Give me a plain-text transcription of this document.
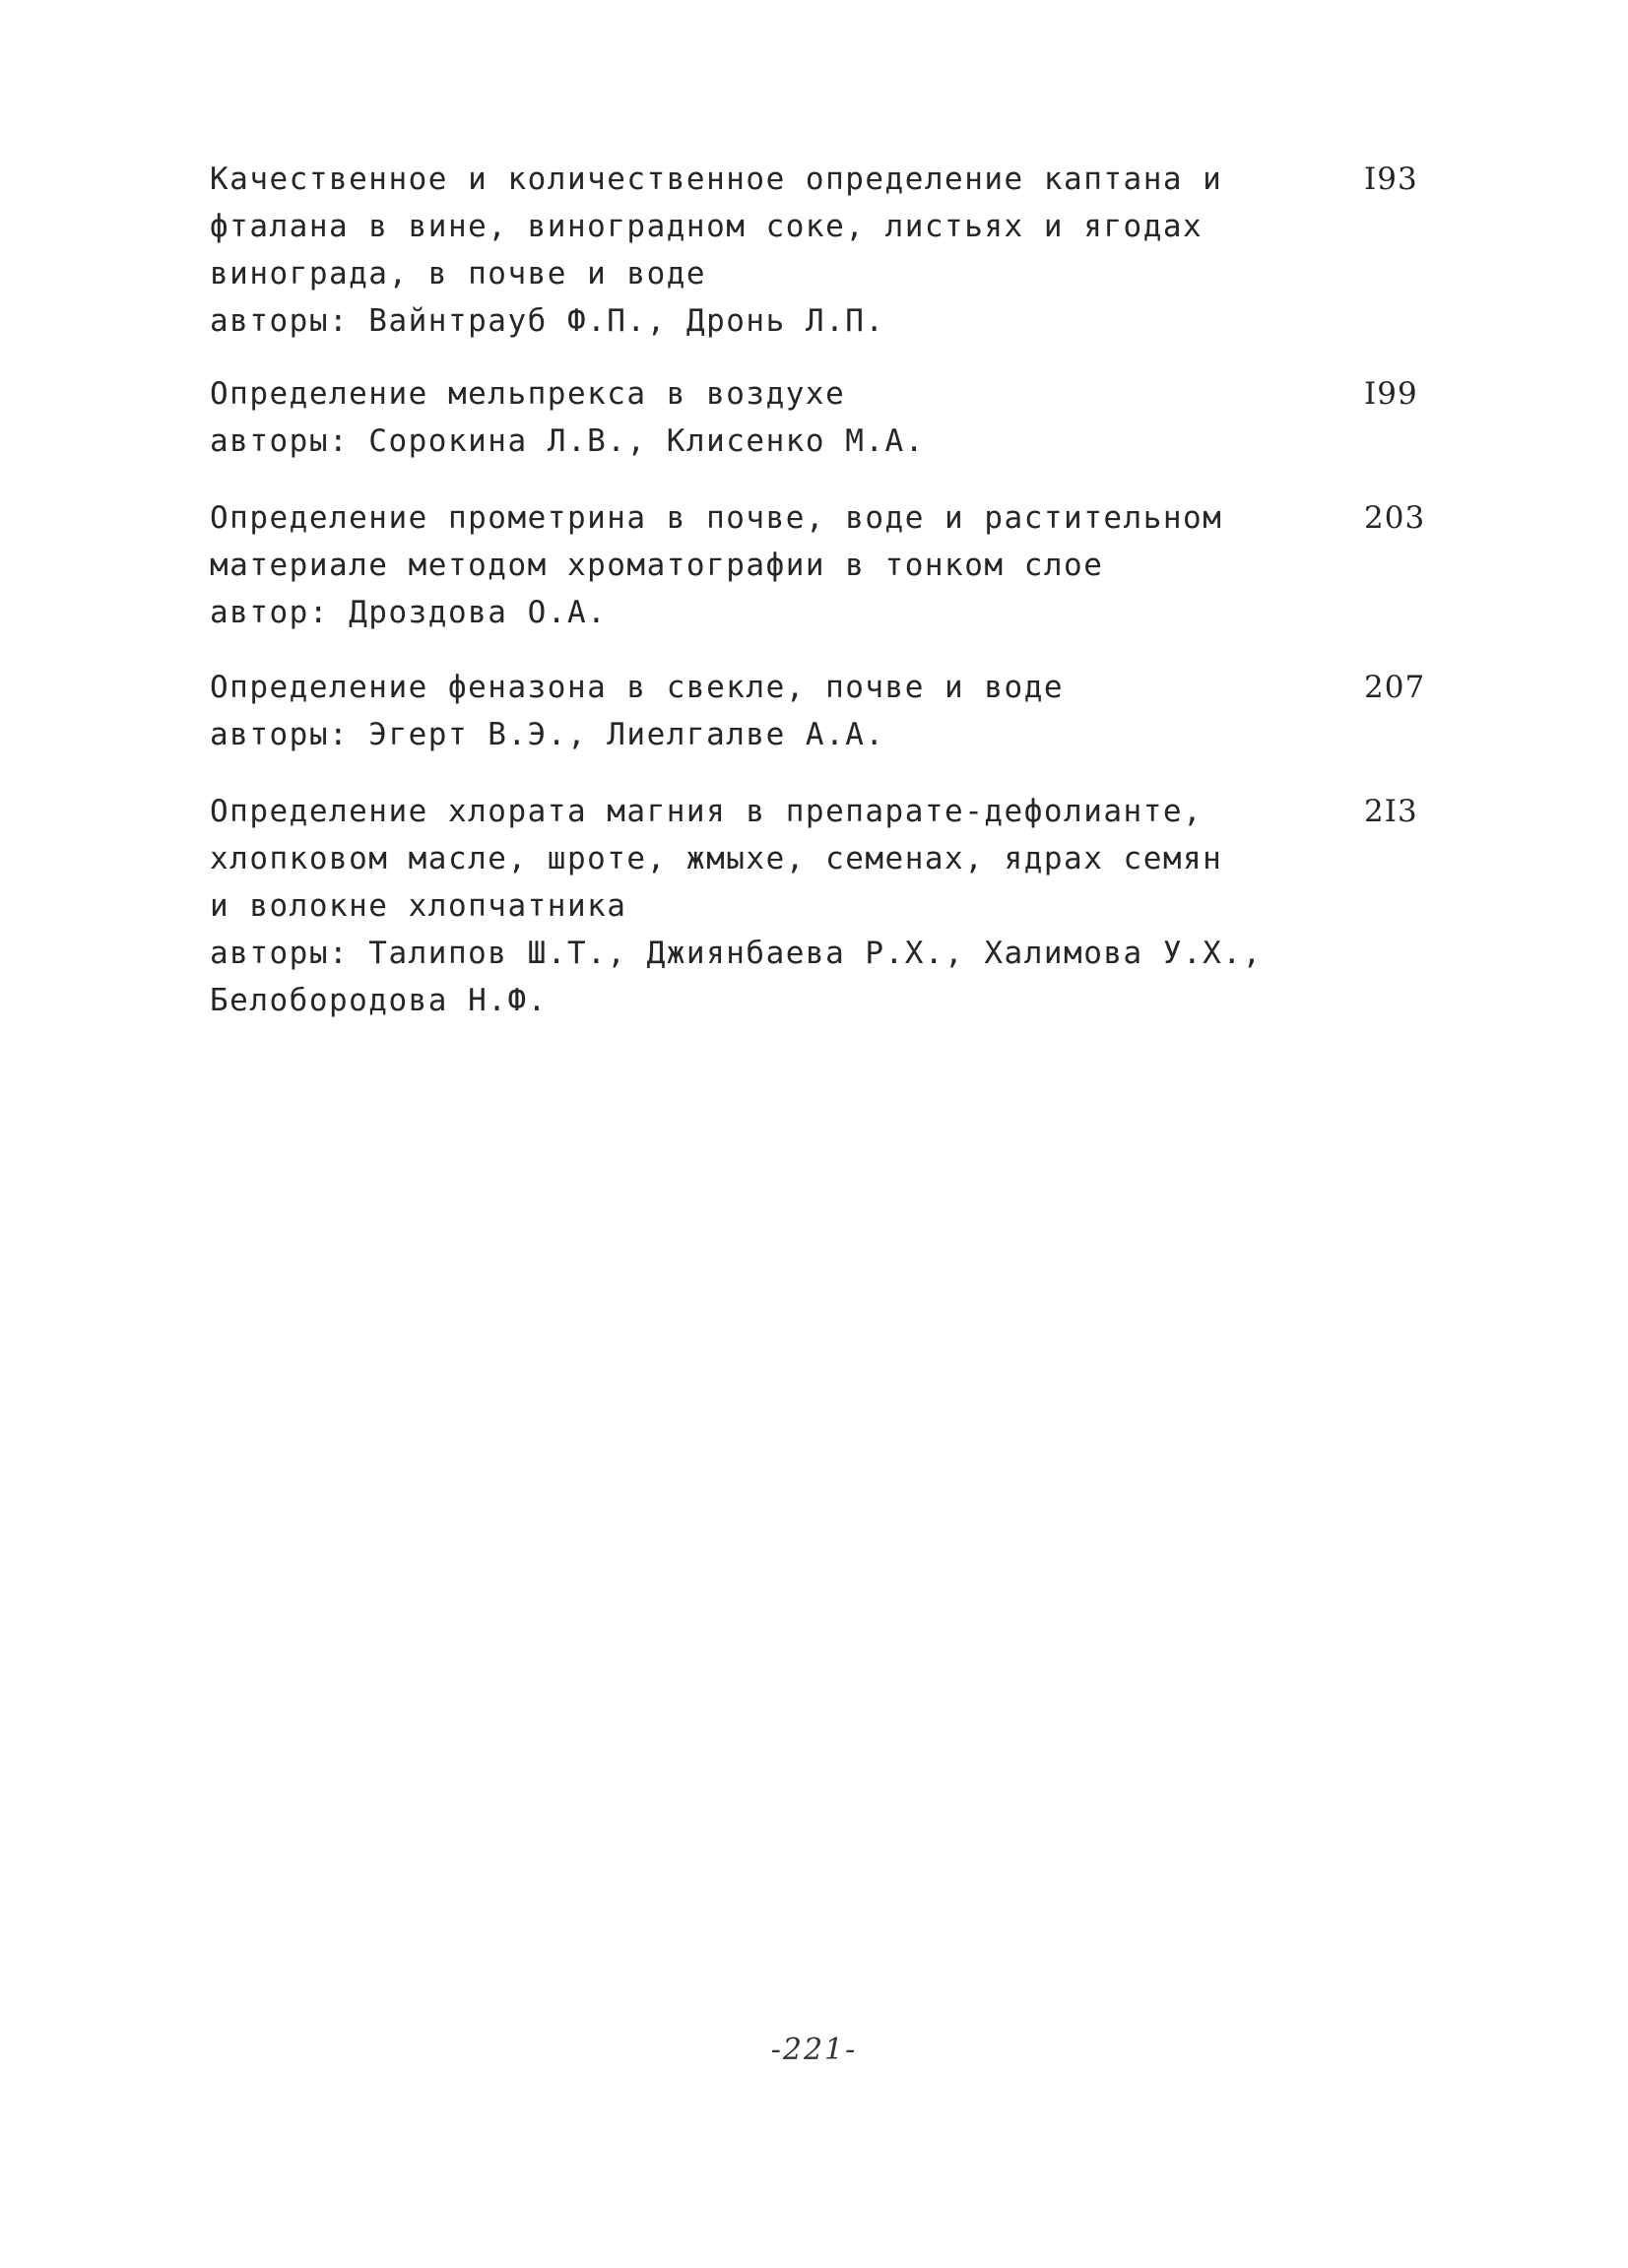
Качественное и количественное определение каптана и
фталана в вине, виноградном соке, листьях и ягодах
винограда, в почве и воде
авторы: Вайнтрауб Ф.П., Дронь Л.П.
I93
Определение мельпрекса в воздухе
авторы: Сорокина Л.В., Клисенко М.А.
I99
Определение прометрина в почве, воде и растительном
материале методом хроматографии в тонком слое
автор: Дроздова О.А.
203
Определение феназона в свекле, почве и воде
авторы: Эгерт В.Э., Лиелгалве А.А.
207
Определение хлората магния в препарате-дефолианте,
хлопковом масле, шроте, жмыхе, семенах, ядрах семян
и волокне хлопчатника
авторы: Талипов Ш.Т., Джиянбаева Р.Х., Халимова У.Х.,
Белобородова Н.Ф.
2I3
-221-
